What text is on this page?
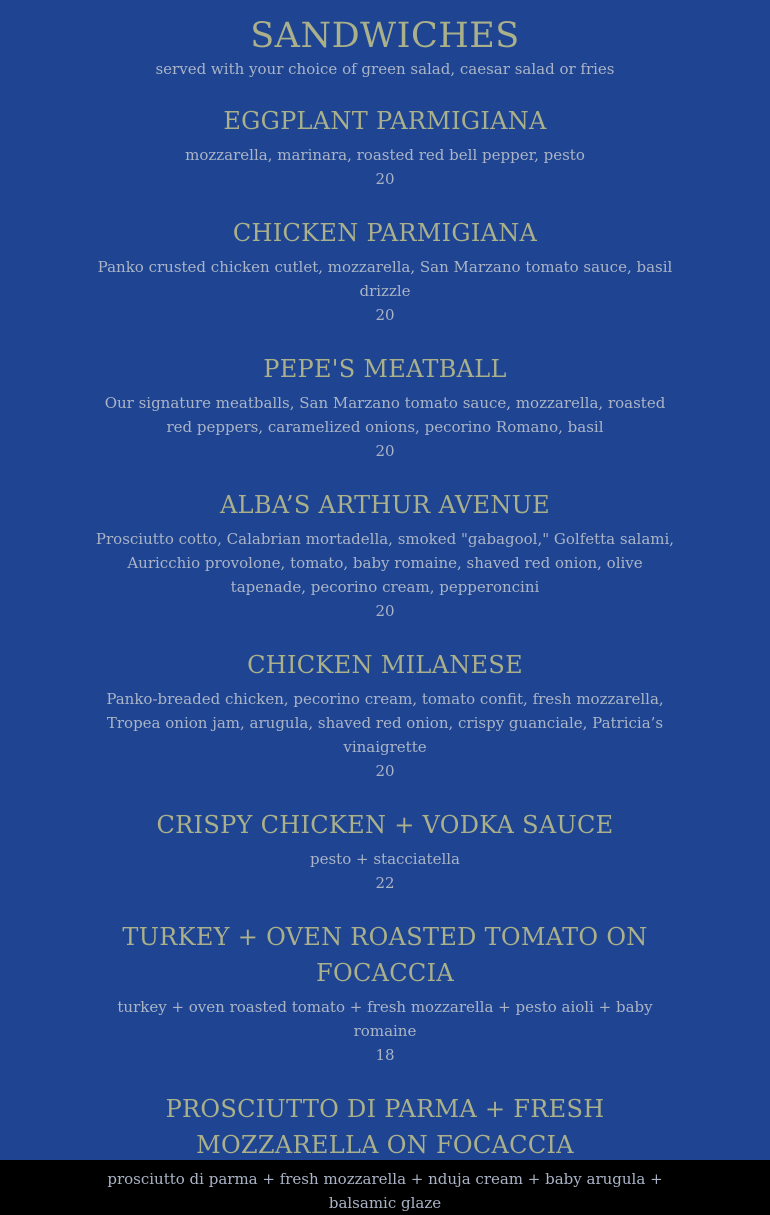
SANDWICHES
served with your choice of green salad, caesar salad or fries
EGGPLANT PARMIGIANA
mozzarella, marinara, roasted red bell pepper, pesto
20
CHICKEN PARMIGIANA
Panko crusted chicken cutlet, mozzarella, San Marzano tomato sauce, basil drizzle
20
PEPE'S MEATBALL
Our signature meatballs, San Marzano tomato sauce, mozzarella, roasted red peppers, caramelized onions, pecorino Romano, basil
20
ALBA’S ARTHUR AVENUE
Prosciutto cotto, Calabrian mortadella, smoked "gabagool," Golfetta salami, Auricchio provolone, tomato, baby romaine, shaved red onion, olive tapenade, pecorino cream, pepperoncini
20
CHICKEN MILANESE
Panko-breaded chicken, pecorino cream, tomato confit, fresh mozzarella, Tropea onion jam, arugula, shaved red onion, crispy guanciale, Patricia’s vinaigrette
20
CRISPY CHICKEN + VODKA SAUCE
pesto + stacciatella
22
TURKEY + OVEN ROASTED TOMATO ON FOCACCIA
turkey + oven roasted tomato + fresh mozzarella + pesto aioli + baby romaine
18
PROSCIUTTO DI PARMA + FRESH MOZZARELLA ON FOCACCIA
prosciutto di parma + fresh mozzarella + nduja cream + baby arugula + balsamic glaze
